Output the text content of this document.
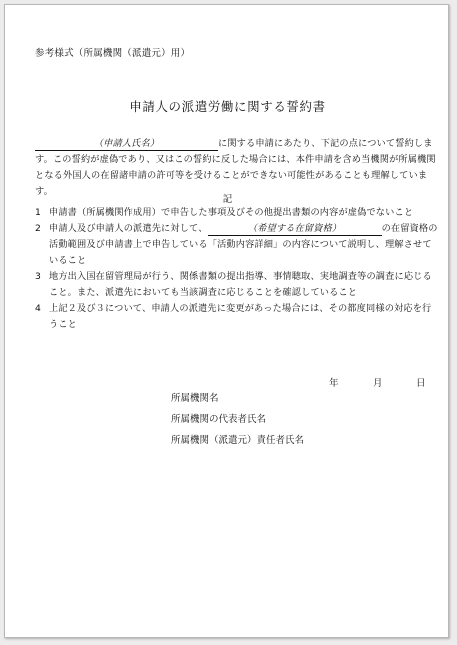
参考様式（所属機関（派遣元）用）
申請人の派遣労働に関する誓約書
（申請人氏名）	に関する申請にあたり、下記の点について誓約します。この誓約が虚偽であり、又はこの誓約に反した場合には、本件申請を含め当機関が所属機関となる外国人の在留諸申請の許可等を受けることができない可能性があることも理解しています。
記
1 申請書（所属機関作成用）で申告した事項及びその他提出書類の内容が虚偽でないこと
2 申請人及び申請人の派遣先に対して、	（希望する在留資格）	の在留資格の活動範囲及び申請書上で申告している「活動内容詳細」の内容について説明し、理解させていること
3 地方出入国在留管理局が行う、関係書類の提出指導、事情聴取、実地調査等の調査に応じること。また、派遣先においても当該調査に応じることを確認していること
4 上記２及び３について、申請人の派遣先に変更があった場合には、その都度同様の対応を行うこと
年	月	日
所属機関名
所属機関の代表者氏名
所属機関（派遣元）責任者氏名
